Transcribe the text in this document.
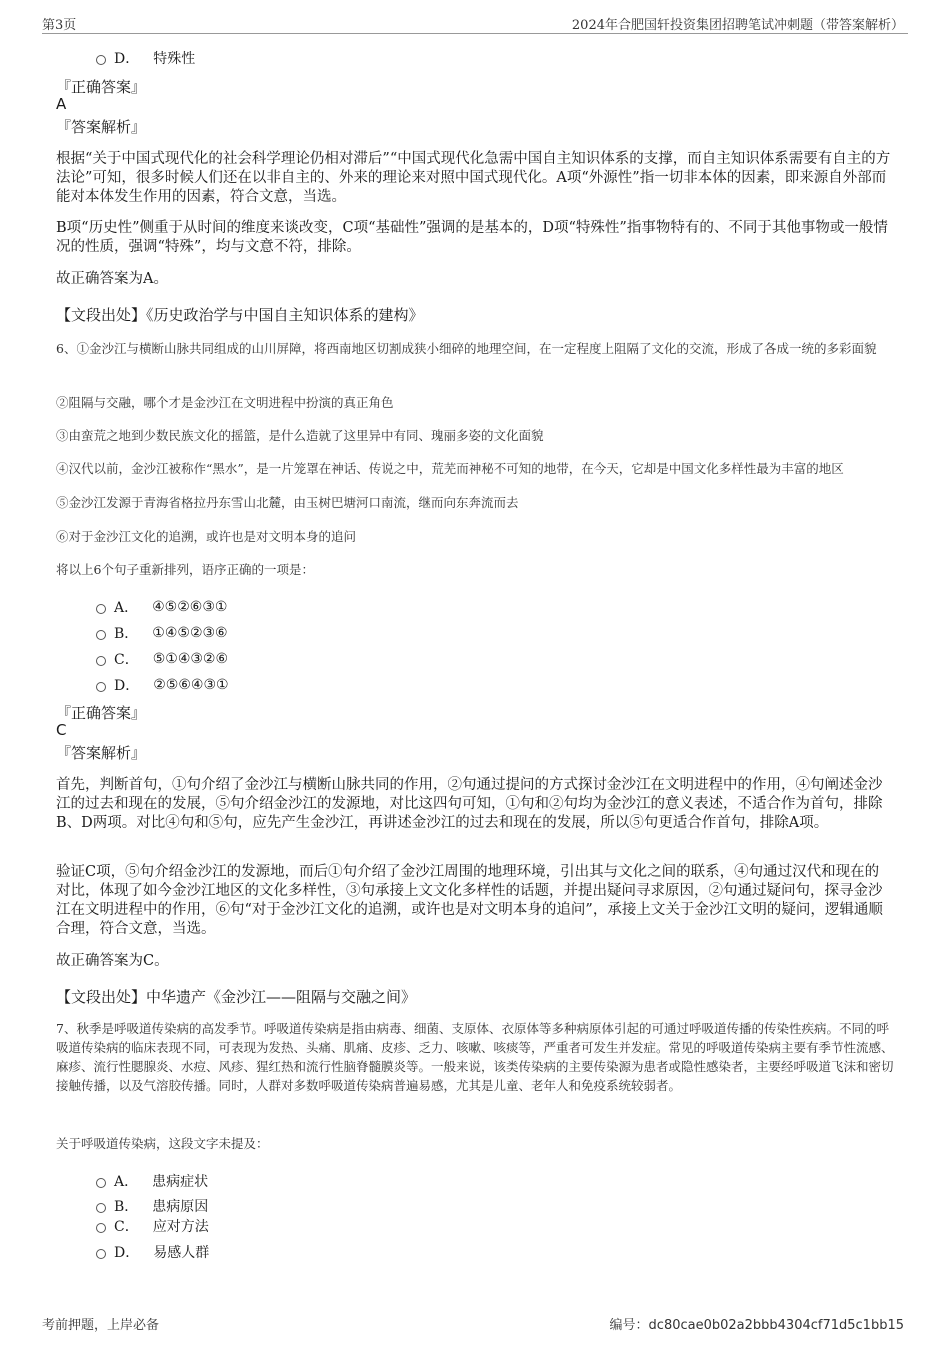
第3页	2024年合肥国轩投资集团招聘笔试冲刺题（带答案解析）
D． 特殊性
『正确答案』
A
『答案解析』
根据“关于中国式现代化的社会科学理论仍相对滞后”“中国式现代化急需中国自主知识体系的支撑，而自主知识体系需要有自主的方法论”可知，很多时候人们还在以非自主的、外来的理论来对照中国式现代化。A项“外源性”指一切非本体的因素，即来源自外部而能对本体发生作用的因素，符合文意，当选。
B项“历史性”侧重于从时间的维度来谈改变，C项“基础性”强调的是基本的，D项“特殊性”指事物特有的、不同于其他事物或一般情况的性质，强调“特殊”，均与文意不符，排除。
故正确答案为A。
【文段出处】《历史政治学与中国自主知识体系的建构》
6、①金沙江与横断山脉共同组成的山川屏障，将西南地区切割成狭小细碎的地理空间，在一定程度上阻隔了文化的交流，形成了各成一统的多彩面貌
②阻隔与交融，哪个才是金沙江在文明进程中扮演的真正角色
③由蛮荒之地到少数民族文化的摇篮，是什么造就了这里异中有同、瑰丽多姿的文化面貌
④汉代以前，金沙江被称作“黑水”，是一片笼罩在神话、传说之中，荒芜而神秘不可知的地带，在今天，它却是中国文化多样性最为丰富的地区
⑤金沙江发源于青海省格拉丹东雪山北麓，由玉树巴塘河口南流，继而向东奔流而去
⑥对于金沙江文化的追溯，或许也是对文明本身的追问
将以上6个句子重新排列，语序正确的一项是：
A． ④⑤②⑥③①
B． ①④⑤②③⑥
C． ⑤①④③②⑥
D． ②⑤⑥④③①
『正确答案』
C
『答案解析』
首先，判断首句，①句介绍了金沙江与横断山脉共同的作用，②句通过提问的方式探讨金沙江在文明进程中的作用，④句阐述金沙江的过去和现在的发展，⑤句介绍金沙江的发源地，对比这四句可知，①句和②句均为金沙江的意义表述，不适合作为首句，排除B、D两项。对比④句和⑤句，应先产生金沙江，再讲述金沙江的过去和现在的发展，所以⑤句更适合作首句，排除A项。
验证C项，⑤句介绍金沙江的发源地，而后①句介绍了金沙江周围的地理环境，引出其与文化之间的联系，④句通过汉代和现在的对比，体现了如今金沙江地区的文化多样性，③句承接上文文化多样性的话题，并提出疑问寻求原因，②句通过疑问句，探寻金沙江在文明进程中的作用，⑥句“对于金沙江文化的追溯，或许也是对文明本身的追问”，承接上文关于金沙江文明的疑问，逻辑通顺合理，符合文意，当选。
故正确答案为C。
【文段出处】中华遗产《金沙江——阻隔与交融之间》
7、秋季是呼吸道传染病的高发季节。呼吸道传染病是指由病毒、细菌、支原体、衣原体等多种病原体引起的可通过呼吸道传播的传染性疾病。不同的呼吸道传染病的临床表现不同，可表现为发热、头痛、肌痛、皮疹、乏力、咳嗽、咳痰等，严重者可发生并发症。常见的呼吸道传染病主要有季节性流感、麻疹、流行性腮腺炎、水痘、风疹、猩红热和流行性脑脊髓膜炎等。一般来说，该类传染病的主要传染源为患者或隐性感染者，主要经呼吸道飞沫和密切接触传播，以及气溶胶传播。同时，人群对多数呼吸道传染病普遍易感，尤其是儿童、老年人和免疫系统较弱者。
关于呼吸道传染病，这段文字未提及：
A． 患病症状
B． 患病原因
C． 应对方法
D． 易感人群
考前押题，上岸必备	编号：dc80cae0b02a2bbb4304cf71d5c1bb15
